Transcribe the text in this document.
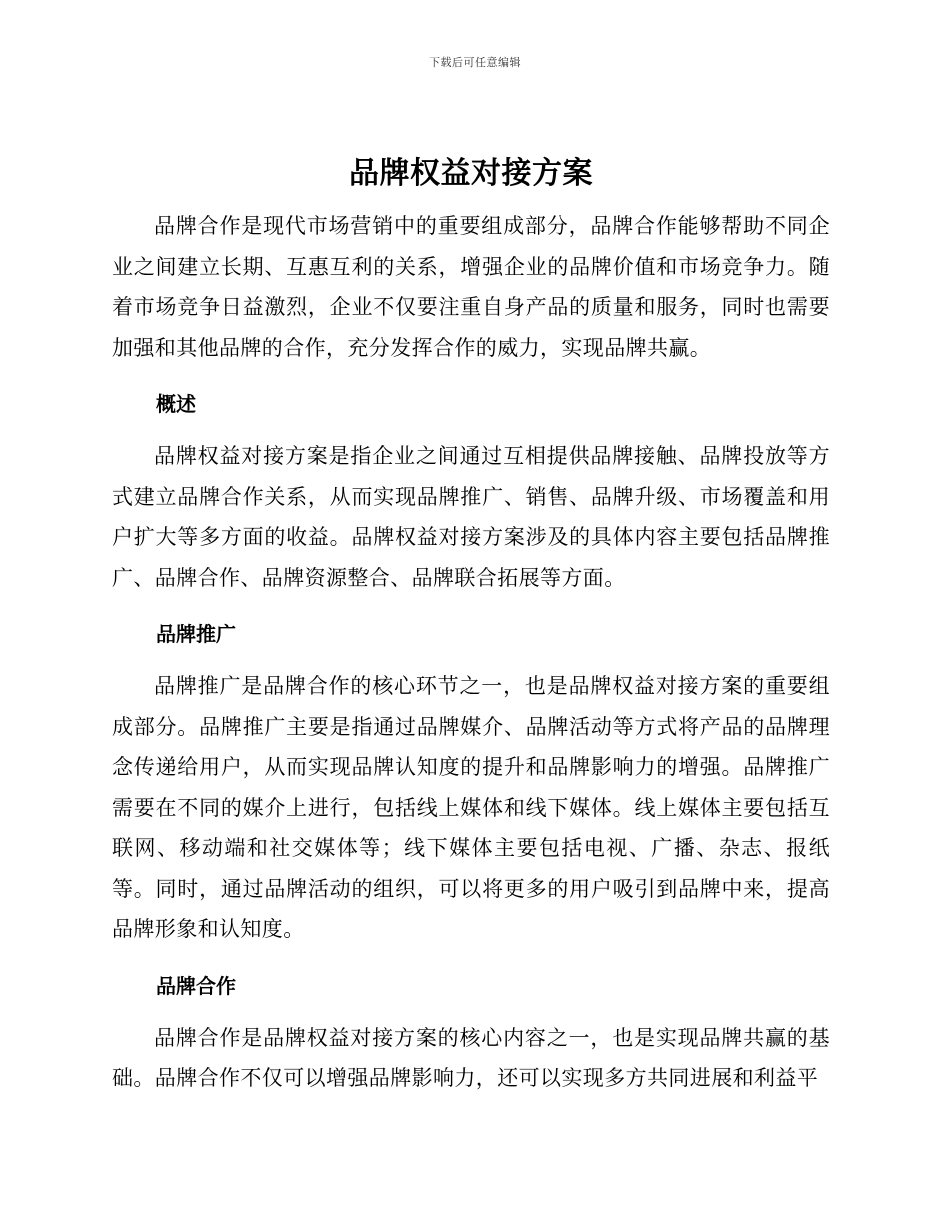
下载后可任意编辑
品牌权益对接方案

品牌合作是现代市场营销中的重要组成部分，品牌合作能够帮助不同企业之间建立长期、互惠互利的关系，增强企业的品牌价值和市场竞争力。随着市场竞争日益激烈，企业不仅要注重自身产品的质量和服务，同时也需要加强和其他品牌的合作，充分发挥合作的威力，实现品牌共赢。

概述

品牌权益对接方案是指企业之间通过互相提供品牌接触、品牌投放等方式建立品牌合作关系，从而实现品牌推广、销售、品牌升级、市场覆盖和用户扩大等多方面的收益。品牌权益对接方案涉及的具体内容主要包括品牌推广、品牌合作、品牌资源整合、品牌联合拓展等方面。

品牌推广

品牌推广是品牌合作的核心环节之一，也是品牌权益对接方案的重要组成部分。品牌推广主要是指通过品牌媒介、品牌活动等方式将产品的品牌理念传递给用户，从而实现品牌认知度的提升和品牌影响力的增强。品牌推广需要在不同的媒介上进行，包括线上媒体和线下媒体。线上媒体主要包括互联网、移动端和社交媒体等；线下媒体主要包括电视、广播、杂志、报纸等。同时，通过品牌活动的组织，可以将更多的用户吸引到品牌中来，提高品牌形象和认知度。

品牌合作

品牌合作是品牌权益对接方案的核心内容之一，也是实现品牌共赢的基础。品牌合作不仅可以增强品牌影响力，还可以实现多方共同进展和利益平
